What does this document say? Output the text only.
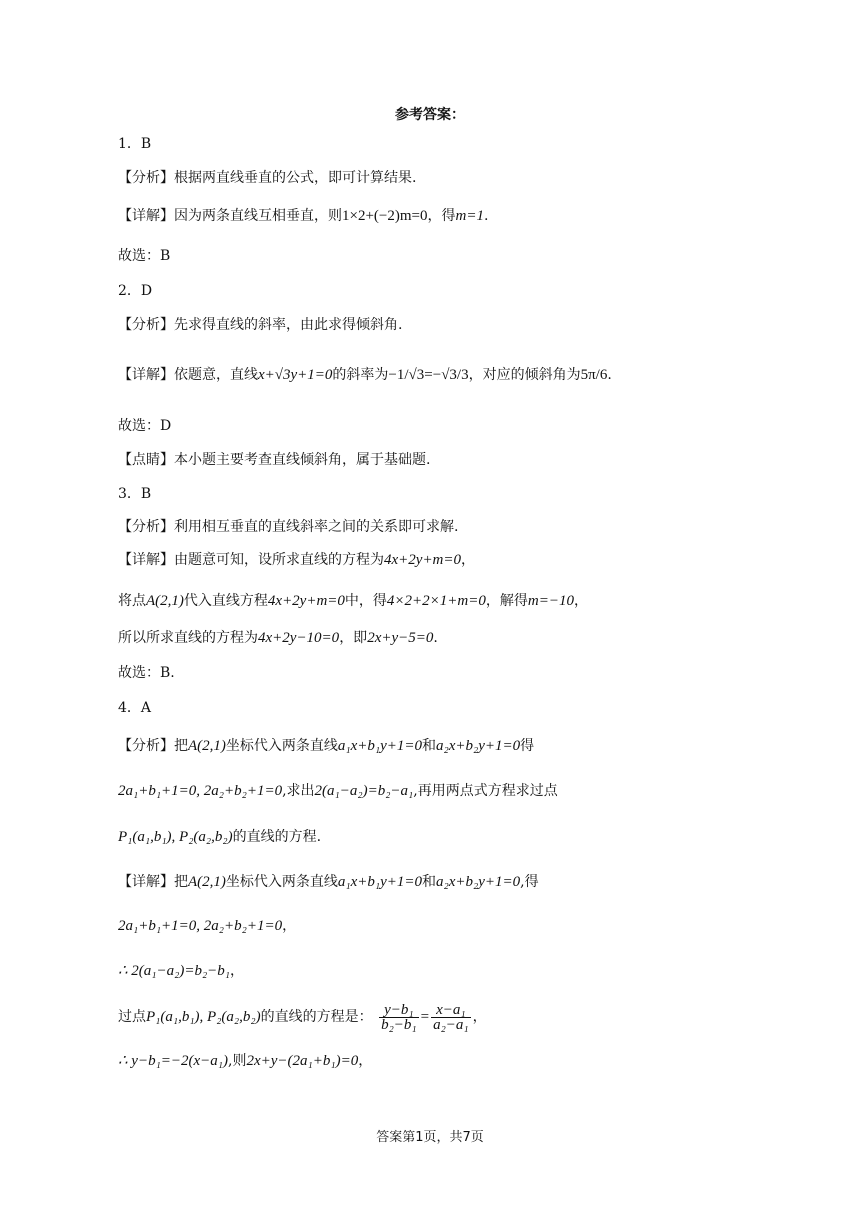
参考答案：
1．B
【分析】根据两直线垂直的公式，即可计算结果.
【详解】因为两条直线互相垂直，则1×2+(−2)m=0，得m=1.
故选：B
2．D
【分析】先求得直线的斜率，由此求得倾斜角.
【详解】依题意，直线x+√3y+1=0的斜率为−1/√3=−√3/3，对应的倾斜角为5π/6.
故选：D
【点睛】本小题主要考查直线倾斜角，属于基础题.
3．B
【分析】利用相互垂直的直线斜率之间的关系即可求解.
【详解】由题意可知，设所求直线的方程为4x+2y+m=0，
将点A(2,1)代入直线方程4x+2y+m=0中，得4×2+2×1+m=0，解得m=−10，
所以所求直线的方程为4x+2y−10=0，即2x+y−5=0.
故选：B.
4．A
【分析】把A(2,1)坐标代入两条直线a₁x+b₁y+1=0和a₂x+b₂y+1=0得
2a₁+b₁+1=0, 2a₂+b₂+1=0,求出2(a₁−a₂)=b₂−a₁,再用两点式方程求过点
P₁(a₁,b₁), P₂(a₂,b₂)的直线的方程.
【详解】把A(2,1)坐标代入两条直线a₁x+b₁y+1=0和a₂x+b₂y+1=0,得
2a₁+b₁+1=0, 2a₂+b₂+1=0，
∴ 2(a₁−a₂)=b₂−b₁，
过点P₁(a₁,b₁), P₂(a₂,b₂)的直线的方程是： $\frac{\text{y−b₁}}{\text{b₂−b₁}} = \frac{\text{x−a₁}}{\text{a₂−a₁}}$ ，
∴ y−b₁=−2(x−a₁),则2x+y−(2a₁+b₁)=0，
答案第1页，共7页
